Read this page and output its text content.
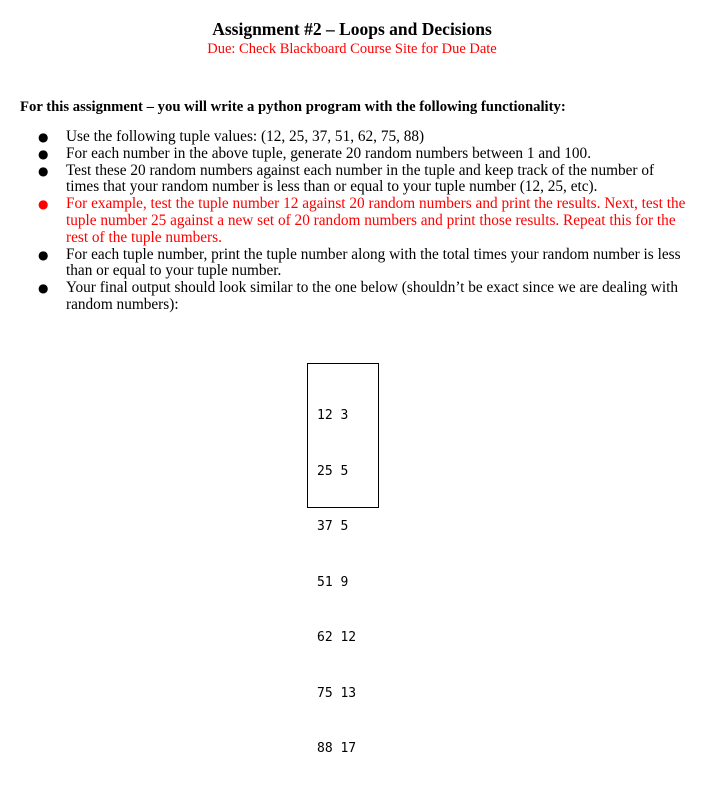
Assignment #2 – Loops and Decisions
Due: Check Blackboard Course Site for Due Date
For this assignment – you will write a python program with the following functionality:
● Use the following tuple values: (12, 25, 37, 51, 62, 75, 88)
● For each number in the above tuple, generate 20 random numbers between 1 and 100.
● Test these 20 random numbers against each number in the tuple and keep track of the number of times that your random number is less than or equal to your tuple number (12, 25, etc).
● For example, test the tuple number 12 against 20 random numbers and print the results. Next, test the tuple number 25 against a new set of 20 random numbers and print those results. Repeat this for the rest of the tuple numbers.
● For each tuple number, print the tuple number along with the total times your random number is less than or equal to your tuple number.
● Your final output should look similar to the one below (shouldn’t be exact since we are dealing with random numbers):

12 3

25 5

37 5

51 9

62 12

75 13

88 17
